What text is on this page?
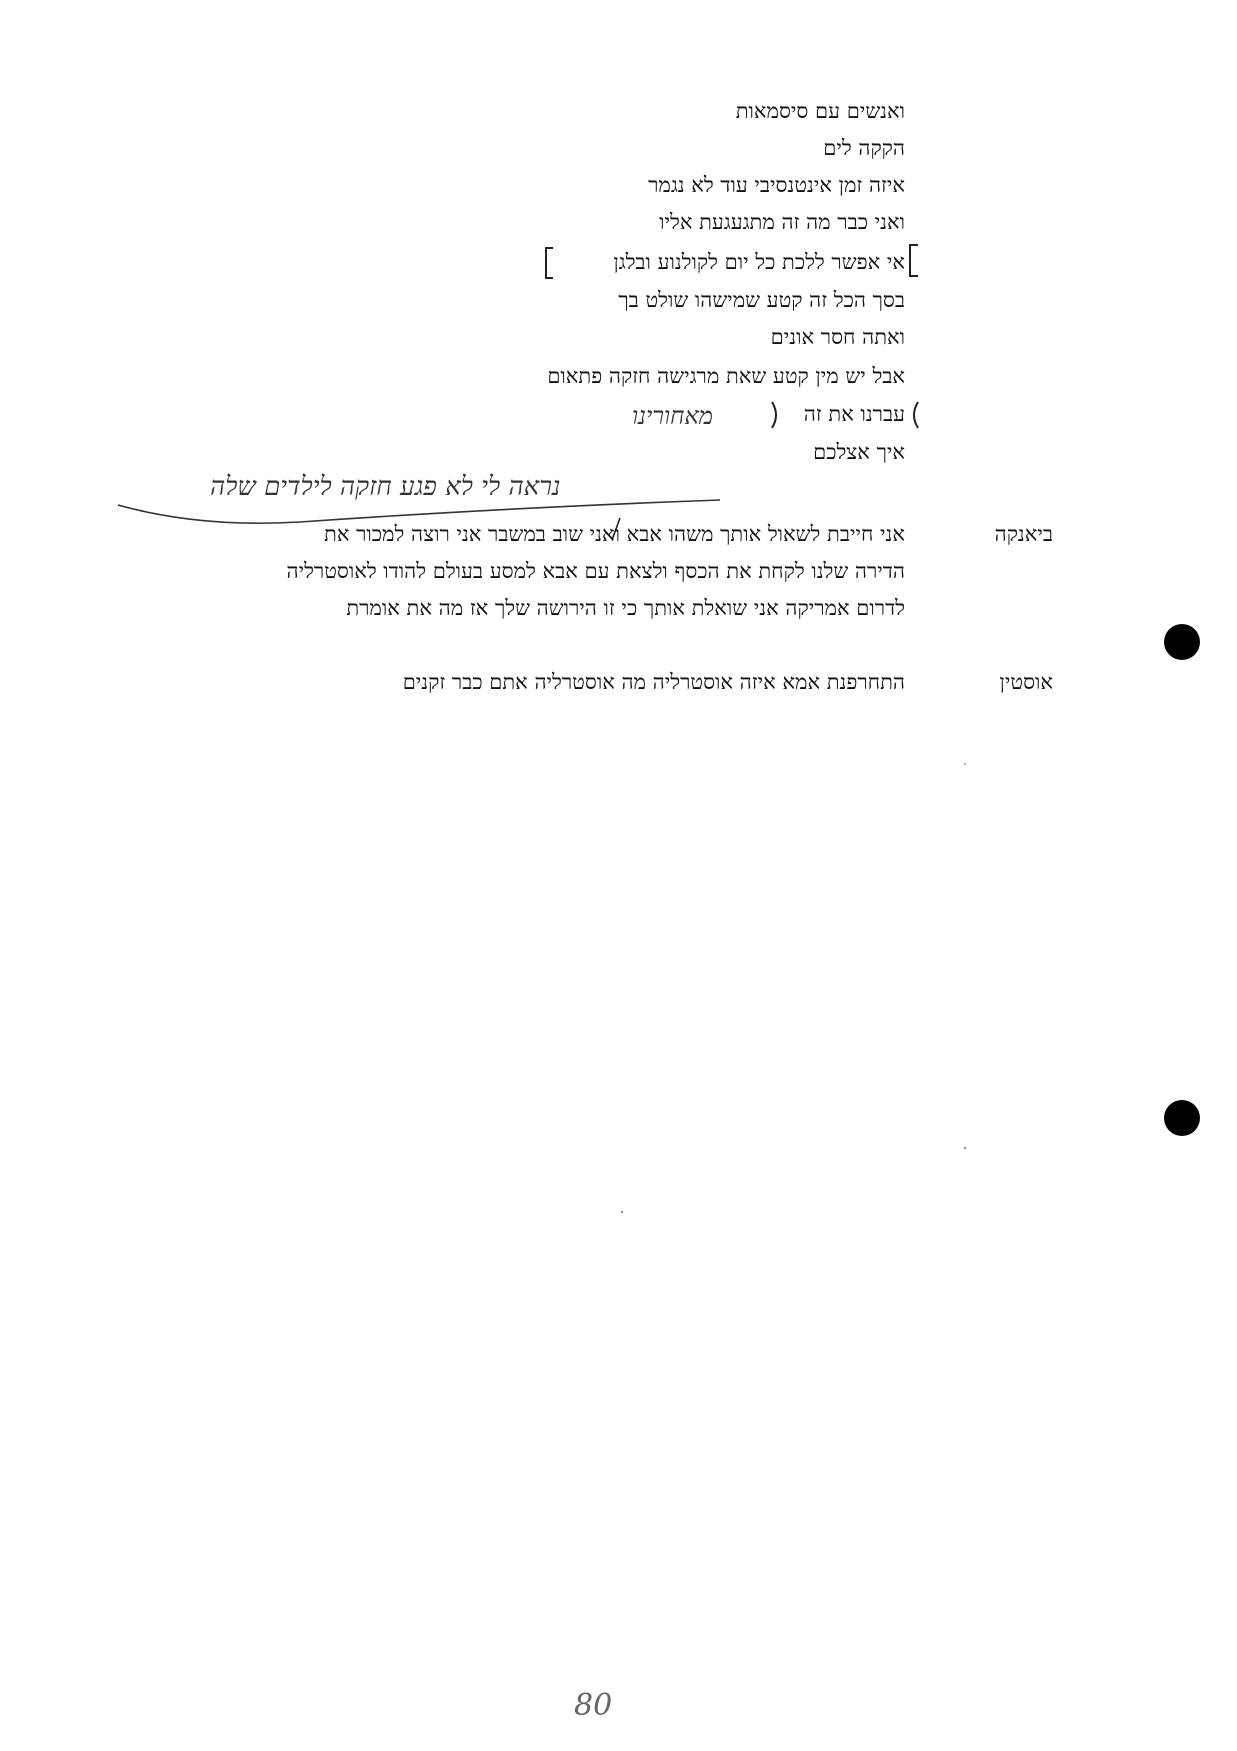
ואנשים עם סיסמאות
הקקה לים
איזה זמן אינטנסיבי עוד לא נגמר
ואני כבר מה זה מתגעגעת אליו
אי אפשר ללכת כל יום לקולנוע ובלגן
בסך הכל זה קטע שמישהו שולט בך
ואתה חסר אונים
אבל יש מין קטע שאת מרגישה חזקה פתאום
עברנו את זה
איך אצלכם
מאחורינו
נראה לי לא פגע חזקה לילדים שלה
ביאנקה
אני חייבת לשאול אותך משהו אבא ואני שוב במשבר אני רוצה למכור את
הדירה שלנו לקחת את הכסף ולצאת עם אבא למסע בעולם להודו לאוסטרליה
לדרום אמריקה אני שואלת אותך כי זו הירושה שלך אז מה את אומרת
אוסטין
התחרפנת אמא איזה אוסטרליה מה אוסטרליה אתם כבר זקנים
80
